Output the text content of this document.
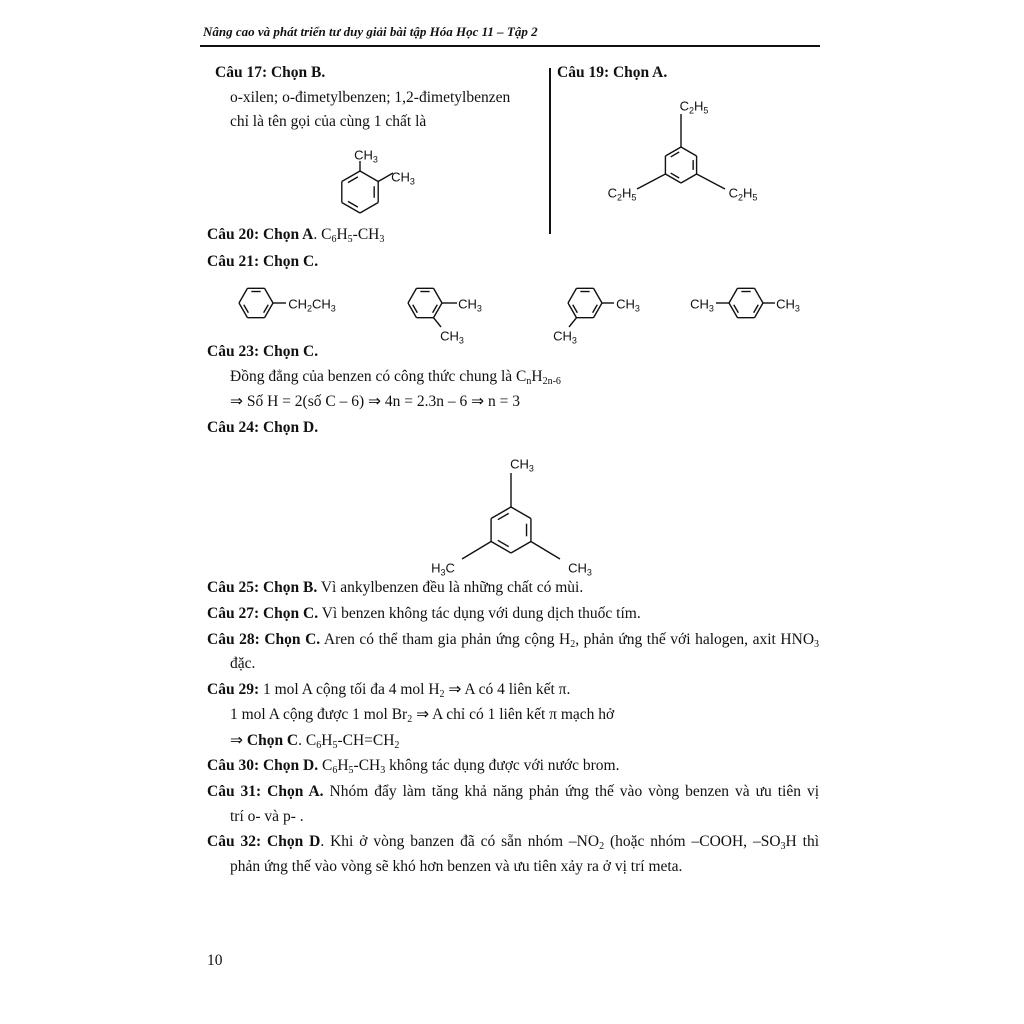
Nâng cao và phát triển tư duy giải bài tập Hóa Học 11 – Tập 2
Câu 17: Chọn B.
o-xilen; o-đimetylbenzen; 1,2-đimetylbenzen
chỉ là tên gọi của cùng 1 chất là
$CH_3$
$CH_3$
Câu 19: Chọn A.
$C_2H_5$
$C_2H_5$	$C_2H_5$
Câu 20: Chọn A. $C_6H_5-CH_3$
Câu 21: Chọn C.
$CH_2CH_3$	$CH_3$
$CH_3$
$CH_3$
$CH_3$
$CH_3$	$CH_3$
Câu 23: Chọn C.
Đồng đẳng của benzen có công thức chung là $C_nH_{2n-6}$
⇒ Số H = 2(số C – 6) ⇒ 4n = 2.3n – 6 ⇒ n = 3
Câu 24: Chọn D.
$CH_3$
$H_3C$	$CH_3$
Câu 25: Chọn B. Vì ankylbenzen đều là những chất có mùi.
Câu 27: Chọn C. Vì benzen không tác dụng với dung dịch thuốc tím.
Câu 28: Chọn C. Aren có thể tham gia phản ứng cộng $H_2$, phản ứng thế với halogen, axit $HNO_3$
đặc.
Câu 29: 1 mol A cộng tối đa 4 mol $H_2$ ⇒ A có 4 liên kết π.
1 mol A cộng được 1 mol $Br_2$ ⇒ A chỉ có 1 liên kết π mạch hở
⇒ Chọn C. $C_6H_5-CH=CH_2$
Câu 30: Chọn D. $C_6H_5-CH_3$ không tác dụng được với nước brom.
Câu 31: Chọn A. Nhóm đẩy làm tăng khả năng phản ứng thế vào vòng benzen và ưu tiên vị
trí o- và p- .
Câu 32: Chọn D. Khi ở vòng banzen đã có sẵn nhóm $-NO_2$ (hoặc nhóm –COOH, $-SO_3H$ thì
phản ứng thế vào vòng sẽ khó hơn benzen và ưu tiên xảy ra ở vị trí meta.
10
